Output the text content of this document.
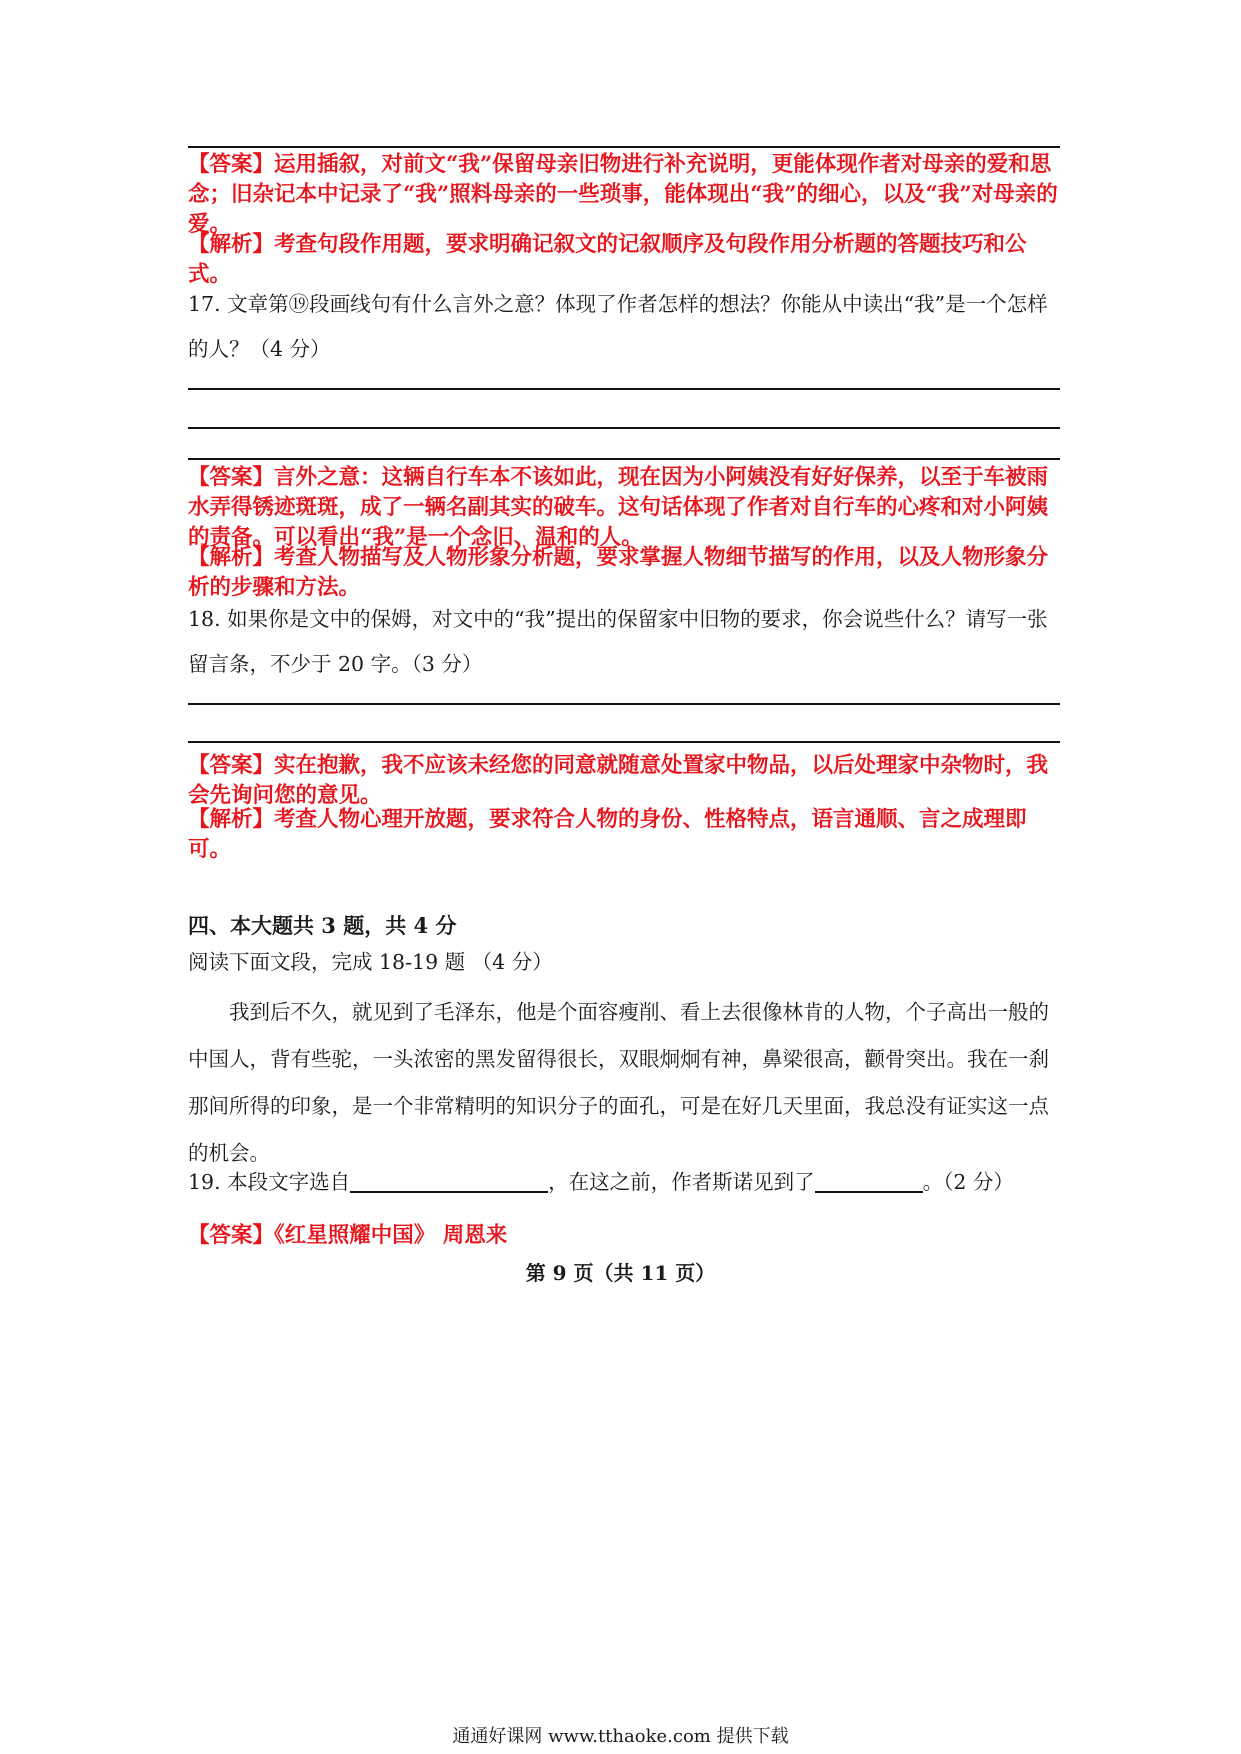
【答案】运用插叙，对前文“我”保留母亲旧物进行补充说明，更能体现作者对母亲的爱和思念；旧杂记本中记录了“我”照料母亲的一些琐事，能体现出“我”的细心，以及“我”对母亲的爱。
【解析】考查句段作用题，要求明确记叙文的记叙顺序及句段作用分析题的答题技巧和公式。
17. 文章第⑲段画线句有什么言外之意？体现了作者怎样的想法？你能从中读出“我”是一个怎样的人？（4 分）
【答案】言外之意：这辆自行车本不该如此，现在因为小阿姨没有好好保养，以至于车被雨水弄得锈迹斑斑，成了一辆名副其实的破车。这句话体现了作者对自行车的心疼和对小阿姨的责备。可以看出“我”是一个念旧、温和的人。
【解析】考查人物描写及人物形象分析题，要求掌握人物细节描写的作用，以及人物形象分析的步骤和方法。
18. 如果你是文中的保姆，对文中的“我”提出的保留家中旧物的要求，你会说些什么？请写一张留言条，不少于 20 字。（3 分）
【答案】实在抱歉，我不应该未经您的同意就随意处置家中物品，以后处理家中杂物时，我会先询问您的意见。
【解析】考查人物心理开放题，要求符合人物的身份、性格特点，语言通顺、言之成理即可。
四、本大题共 3 题，共 4 分
阅读下面文段，完成 18-19 题 （4 分）
我到后不久，就见到了毛泽东，他是个面容瘦削、看上去很像林肯的人物，个子高出一般的中国人，背有些驼，一头浓密的黑发留得很长，双眼炯炯有神，鼻梁很高，颧骨突出。我在一刹那间所得的印象，是一个非常精明的知识分子的面孔，可是在好几天里面，我总没有证实这一点的机会。
19. 本段文字选自	，在这之前，作者斯诺见到了	。（2 分）
【答案】《红星照耀中国》 周恩来
第 9 页（共 11 页）
通通好课网 www.tthaoke.com 提供下载
